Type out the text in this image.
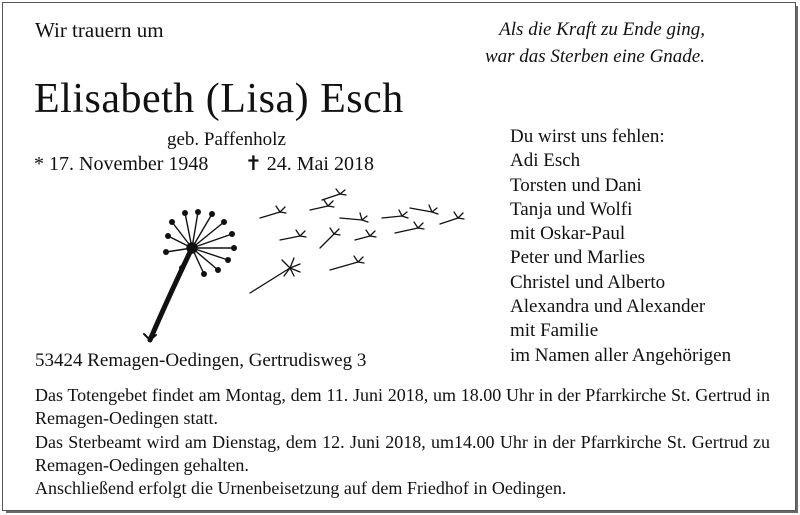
Wir trauern um	Als die Kraft zu Ende ging,
war das Sterben eine Gnade.
Elisabeth (Lisa) Esch
geb. Paffenholz
* 17. November 1948 ✝ 24. Mai 2018
Du wirst uns fehlen:
Adi Esch
Torsten und Dani
Tanja und Wolfi
mit Oskar-Paul
Peter und Marlies
Christel und Alberto
Alexandra und Alexander
mit Familie
im Namen aller Angehörigen
53424 Remagen-Oedingen, Gertrudisweg 3

Das Totengebet findet am Montag, dem 11. Juni 2018, um 18.00 Uhr in der Pfarrkirche St. Gertrud in Remagen-Oedingen statt.

Das Sterbeamt wird am Dienstag, dem 12. Juni 2018, um14.00 Uhr in der Pfarrkirche St. Gertrud zu Remagen-Oedingen gehalten.

Anschließend erfolgt die Urnenbeisetzung auf dem Friedhof in Oedingen.
